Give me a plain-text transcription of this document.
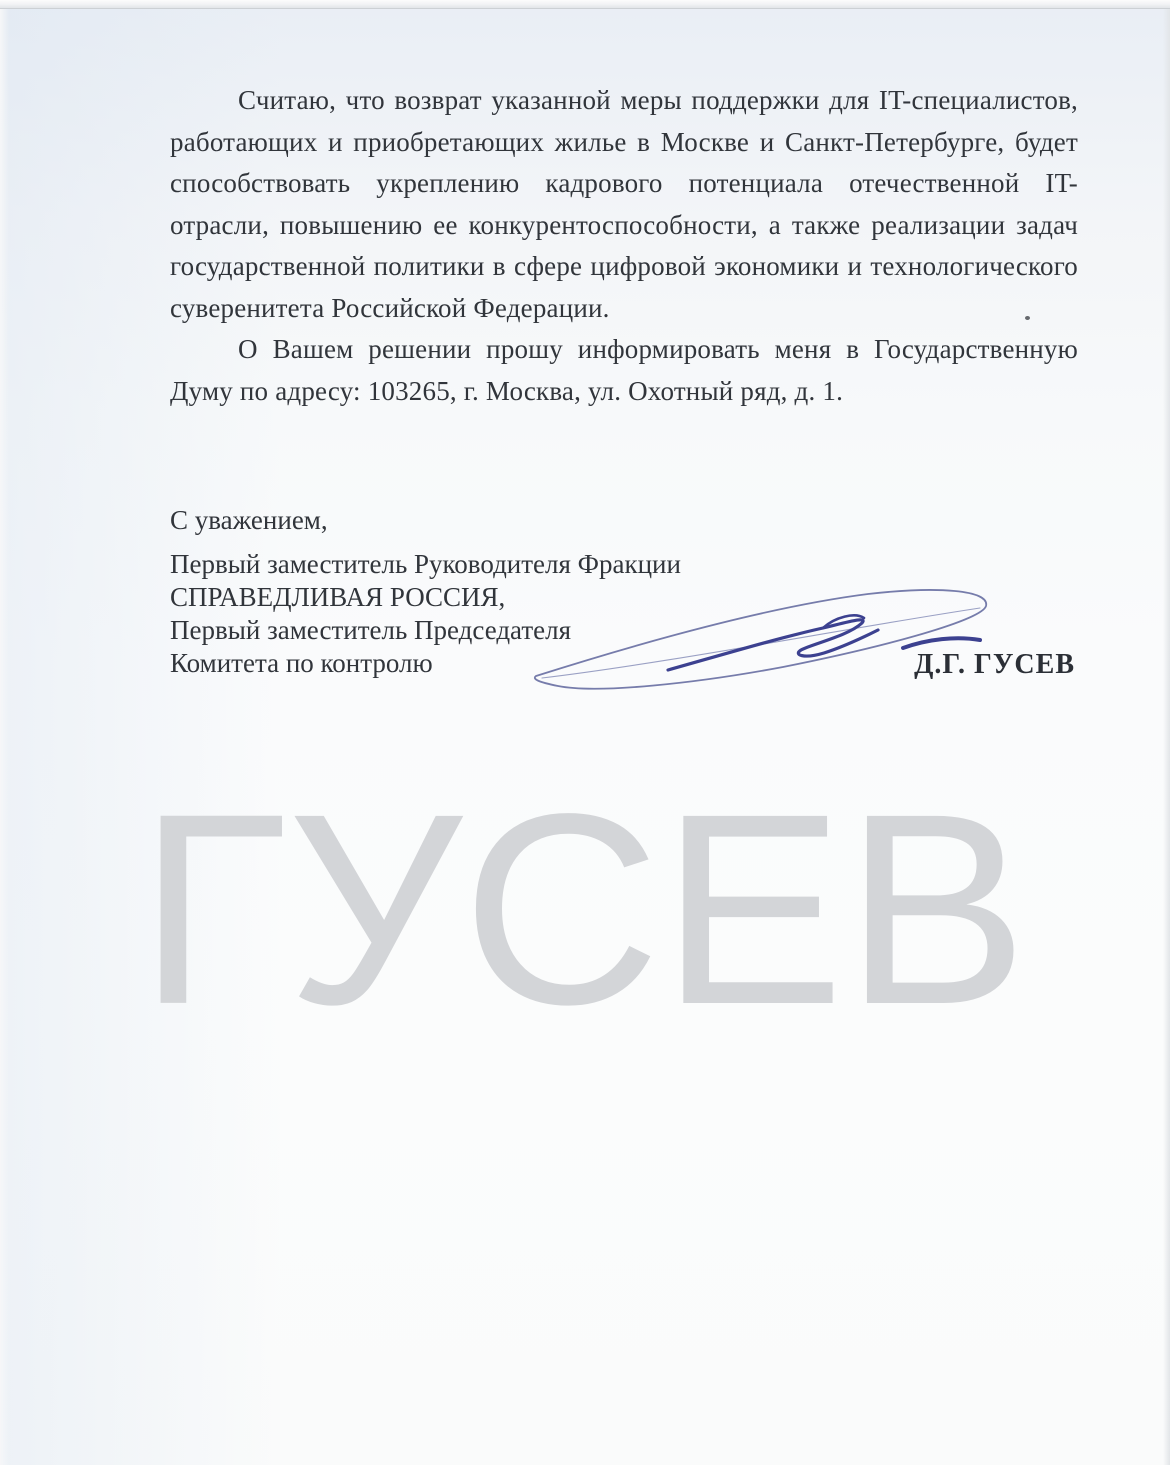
Считаю, что возврат указанной меры поддержки для IT-специалистов,
работающих и приобретающих жилье в Москве и Санкт-Петербурге, будет
способствовать укреплению кадрового потенциала отечественной IT-
отрасли, повышению ее конкурентоспособности, а также реализации задач
государственной политики в сфере цифровой экономики и технологического
суверенитета Российской Федерации.
О Вашем решении прошу информировать меня в Государственную
Думу по адресу: 103265, г. Москва, ул. Охотный ряд, д. 1.
С уважением,
Первый заместитель Руководителя Фракции
СПРАВЕДЛИВАЯ РОССИЯ,
Первый заместитель Председателя
Комитета по контролю	Д.Г. ГУСЕВ
ГУСЕВ
